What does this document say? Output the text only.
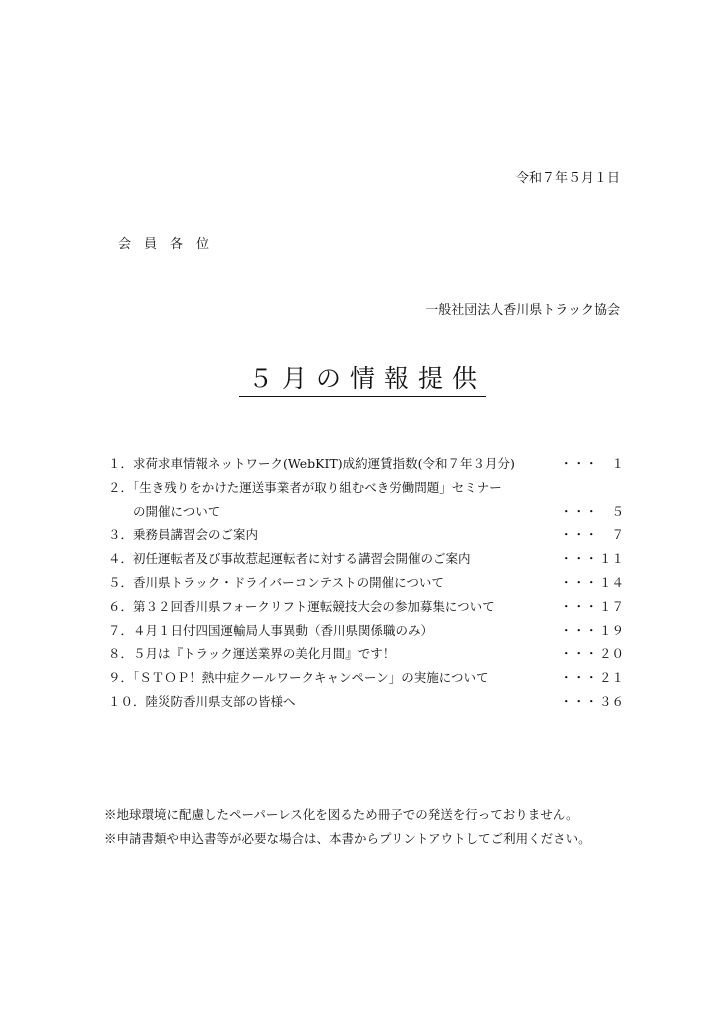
令和７年５月１日
会員各位
一般社団法人香川県トラック協会
５月の情報提供
１．求荷求車情報ネットワーク(WebKIT)成約運賃指数(令和７年３月分)	・・・ １
２．「生き残りをかけた運送事業者が取り組むべき労働問題」セミナー
　　の開催について	・・・ ５
３．乗務員講習会のご案内	・・・ ７
４．初任運転者及び事故惹起運転者に対する講習会開催のご案内	・・・ １１
５．香川県トラック・ドライバーコンテストの開催について	・・・ １４
６．第３２回香川県フォークリフト運転競技大会の参加募集について	・・・ １７
７．４月１日付四国運輸局人事異動（香川県関係職のみ）	・・・ １９
８．５月は『トラック運送業界の美化月間』です！	・・・ ２０
９．「ＳＴＯＰ！熱中症クールワークキャンペーン」の実施について	・・・ ２１
１０．陸災防香川県支部の皆様へ	・・・ ３６
※地球環境に配慮したペーパーレス化を図るため冊子での発送を行っておりません。
※申請書類や申込書等が必要な場合は、本書からプリントアウトしてご利用ください。
